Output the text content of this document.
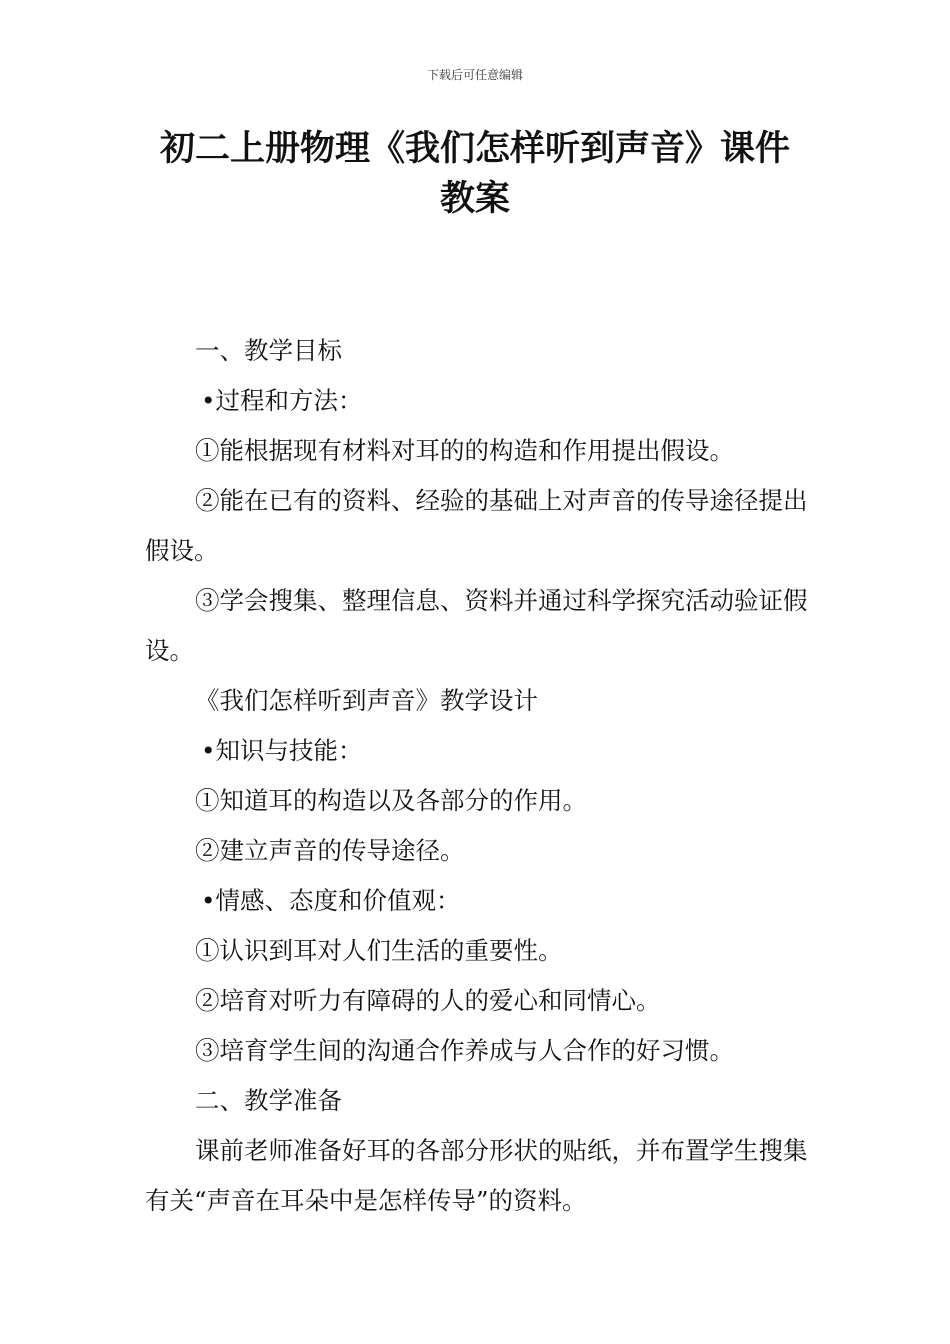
下载后可任意编辑
初二上册物理《我们怎样听到声音》课件
教案

一、教学目标

•过程和方法：

①能根据现有材料对耳的的构造和作用提出假设。

②能在已有的资料、经验的基础上对声音的传导途径提出假设。

③学会搜集、整理信息、资料并通过科学探究活动验证假设。

《我们怎样听到声音》教学设计

•知识与技能：

①知道耳的构造以及各部分的作用。

②建立声音的传导途径。

•情感、态度和价值观：

①认识到耳对人们生活的重要性。

②培育对听力有障碍的人的爱心和同情心。

③培育学生间的沟通合作养成与人合作的好习惯。

二、教学准备

课前老师准备好耳的各部分形状的贴纸，并布置学生搜集有关“声音在耳朵中是怎样传导”的资料。
